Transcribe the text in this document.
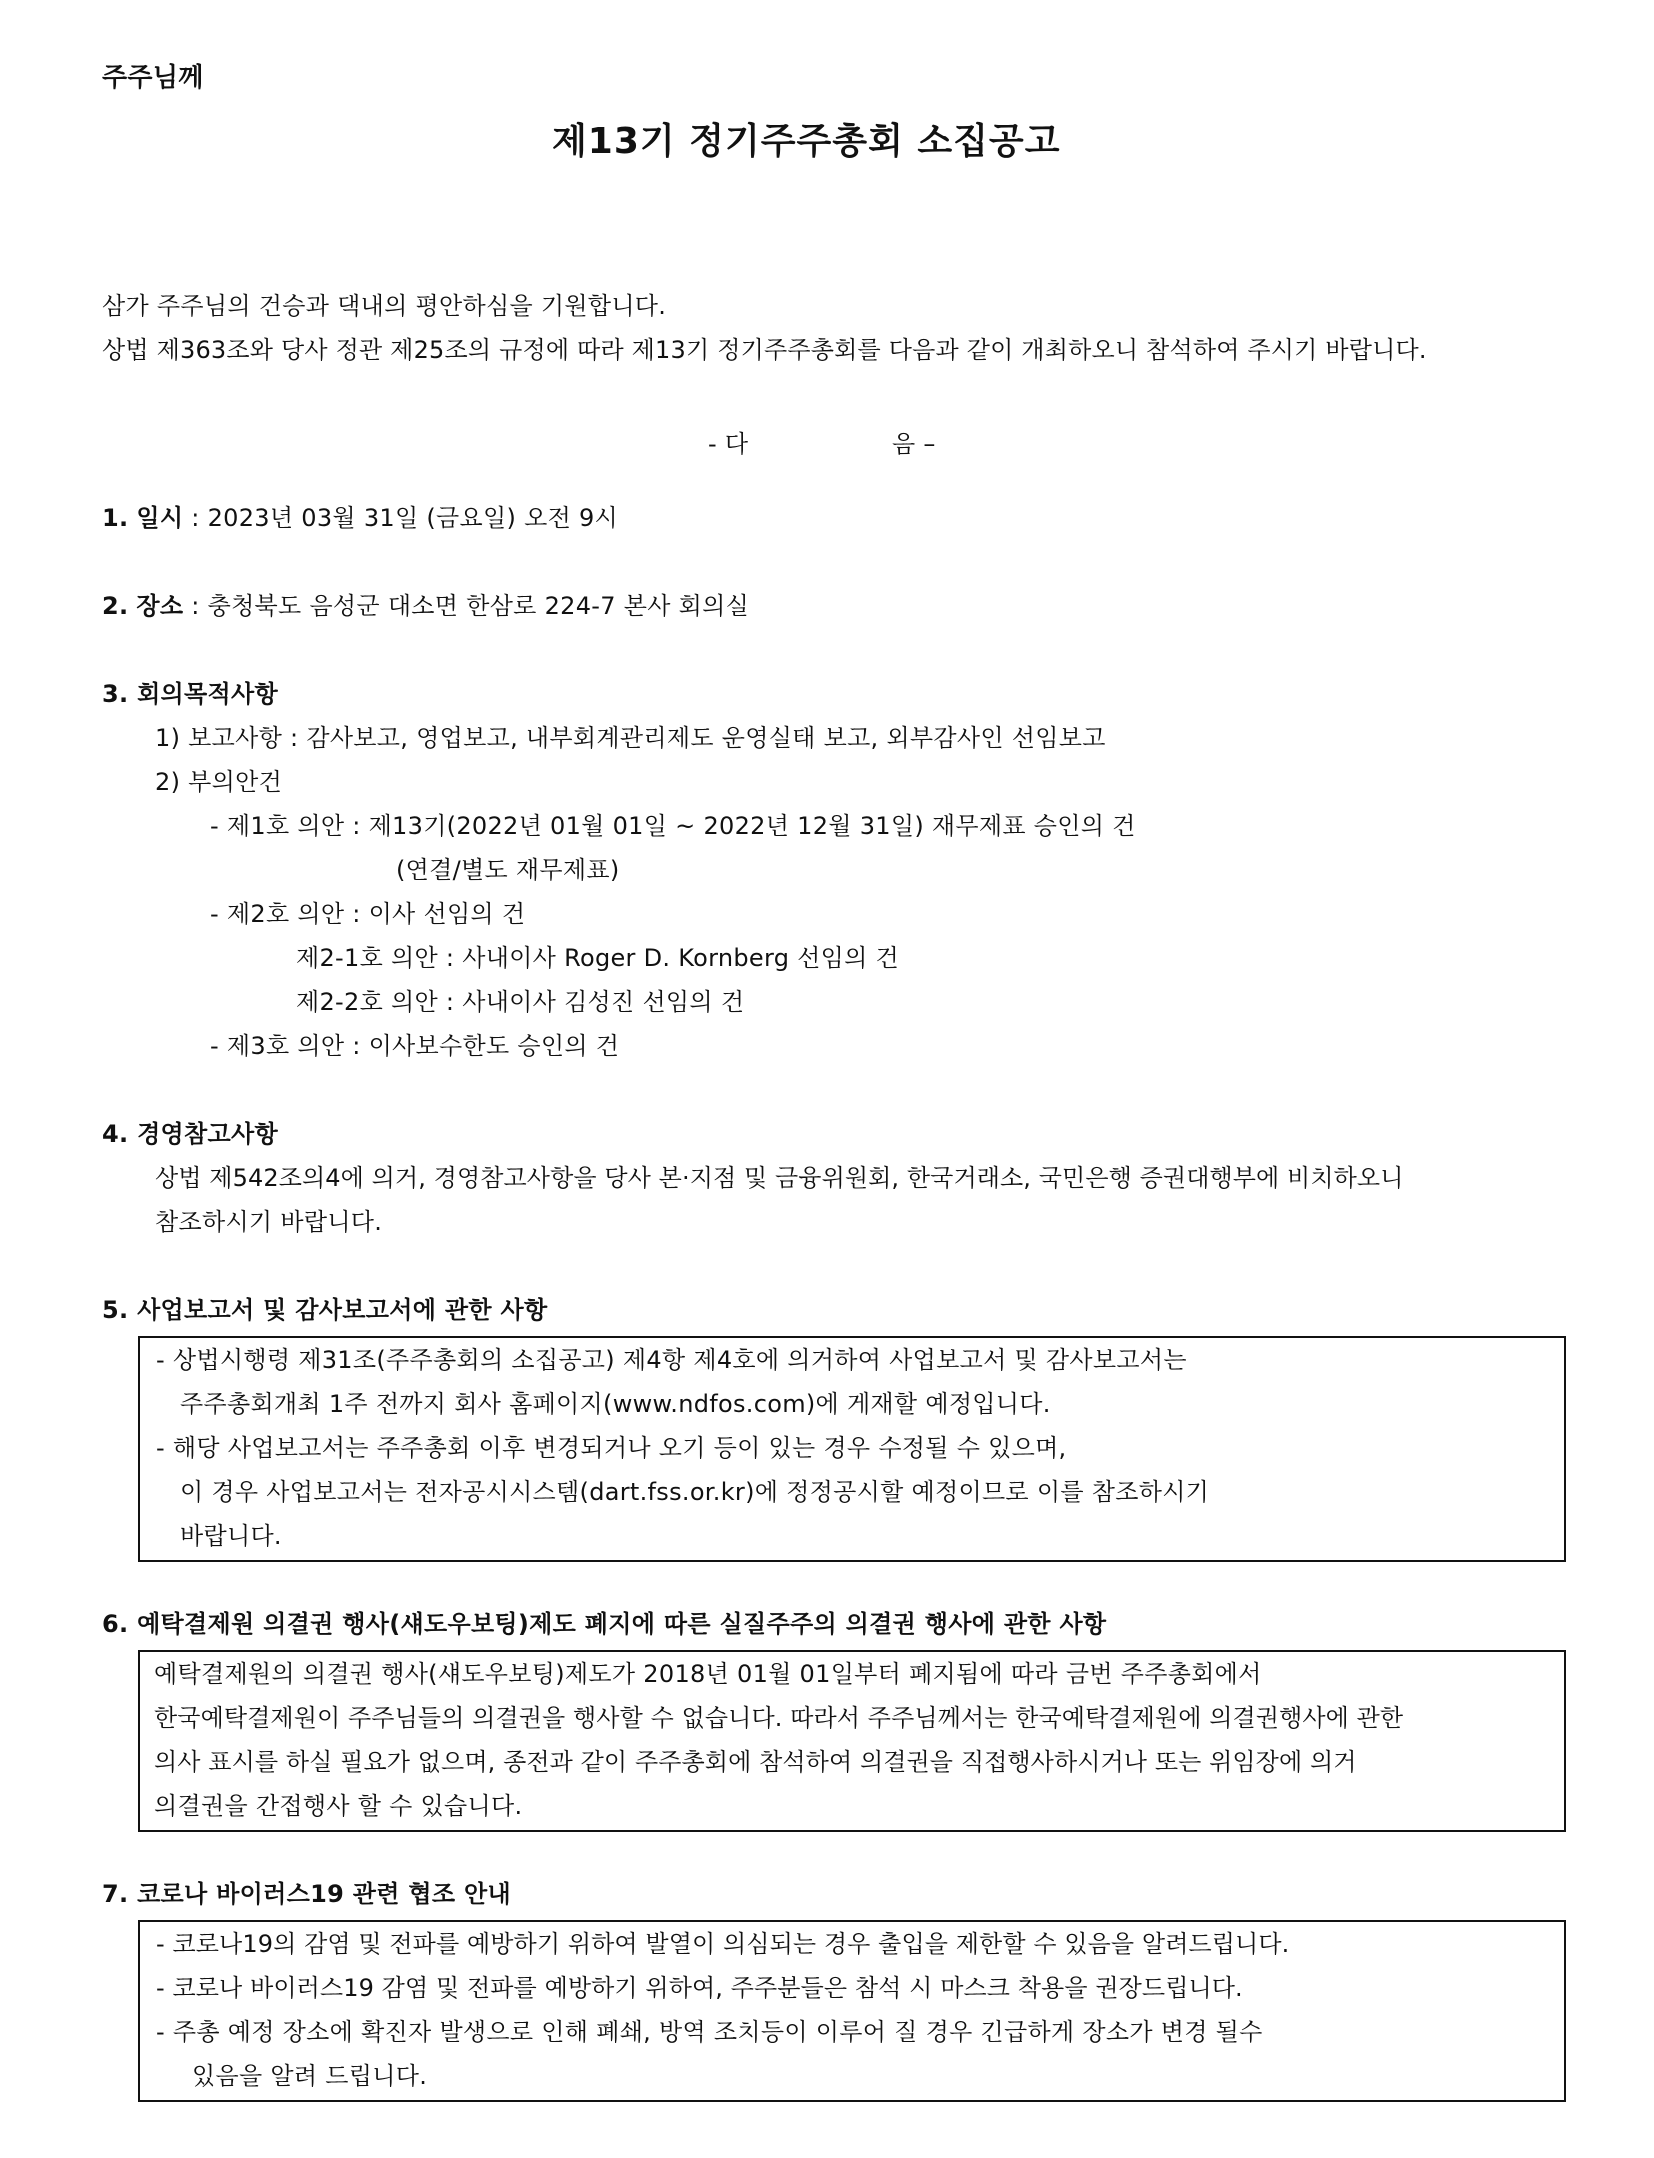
주주님께
제13기 정기주주총회 소집공고
삼가 주주님의 건승과 댁내의 평안하심을 기원합니다.
상법 제363조와 당사 정관 제25조의 규정에 따라 제13기 정기주주총회를 다음과 같이 개최하오니 참석하여 주시기 바랍니다.
- 다	음 –
1. 일시 : 2023년 03월 31일 (금요일) 오전 9시
2. 장소 : 충청북도 음성군 대소면 한삼로 224-7 본사 회의실
3. 회의목적사항
1) 보고사항 : 감사보고, 영업보고, 내부회계관리제도 운영실태 보고, 외부감사인 선임보고
2) 부의안건
- 제1호 의안 : 제13기(2022년 01월 01일 ~ 2022년 12월 31일) 재무제표 승인의 건
(연결/별도 재무제표)
- 제2호 의안 : 이사 선임의 건
제2-1호 의안 : 사내이사 Roger D. Kornberg 선임의 건
제2-2호 의안 : 사내이사 김성진 선임의 건
- 제3호 의안 : 이사보수한도 승인의 건
4. 경영참고사항
상법 제542조의4에 의거, 경영참고사항을 당사 본·지점 및 금융위원회, 한국거래소, 국민은행 증권대행부에 비치하오니
참조하시기 바랍니다.
5. 사업보고서 및 감사보고서에 관한 사항
- 상법시행령 제31조(주주총회의 소집공고) 제4항 제4호에 의거하여 사업보고서 및 감사보고서는
주주총회개최 1주 전까지 회사 홈페이지(www.ndfos.com)에 게재할 예정입니다.
- 해당 사업보고서는 주주총회 이후 변경되거나 오기 등이 있는 경우 수정될 수 있으며,
이 경우 사업보고서는 전자공시시스템(dart.fss.or.kr)에 정정공시할 예정이므로 이를 참조하시기
바랍니다.
6. 예탁결제원 의결권 행사(섀도우보팅)제도 폐지에 따른 실질주주의 의결권 행사에 관한 사항
예탁결제원의 의결권 행사(섀도우보팅)제도가 2018년 01월 01일부터 폐지됨에 따라 금번 주주총회에서
한국예탁결제원이 주주님들의 의결권을 행사할 수 없습니다. 따라서 주주님께서는 한국예탁결제원에 의결권행사에 관한
의사 표시를 하실 필요가 없으며, 종전과 같이 주주총회에 참석하여 의결권을 직접행사하시거나 또는 위임장에 의거
의결권을 간접행사 할 수 있습니다.
7. 코로나 바이러스19 관련 협조 안내
- 코로나19의 감염 및 전파를 예방하기 위하여 발열이 의심되는 경우 출입을 제한할 수 있음을 알려드립니다.
- 코로나 바이러스19 감염 및 전파를 예방하기 위하여, 주주분들은 참석 시 마스크 착용을 권장드립니다.
- 주총 예정 장소에 확진자 발생으로 인해 폐쇄, 방역 조치등이 이루어 질 경우 긴급하게 장소가 변경 될수
있음을 알려 드립니다.
